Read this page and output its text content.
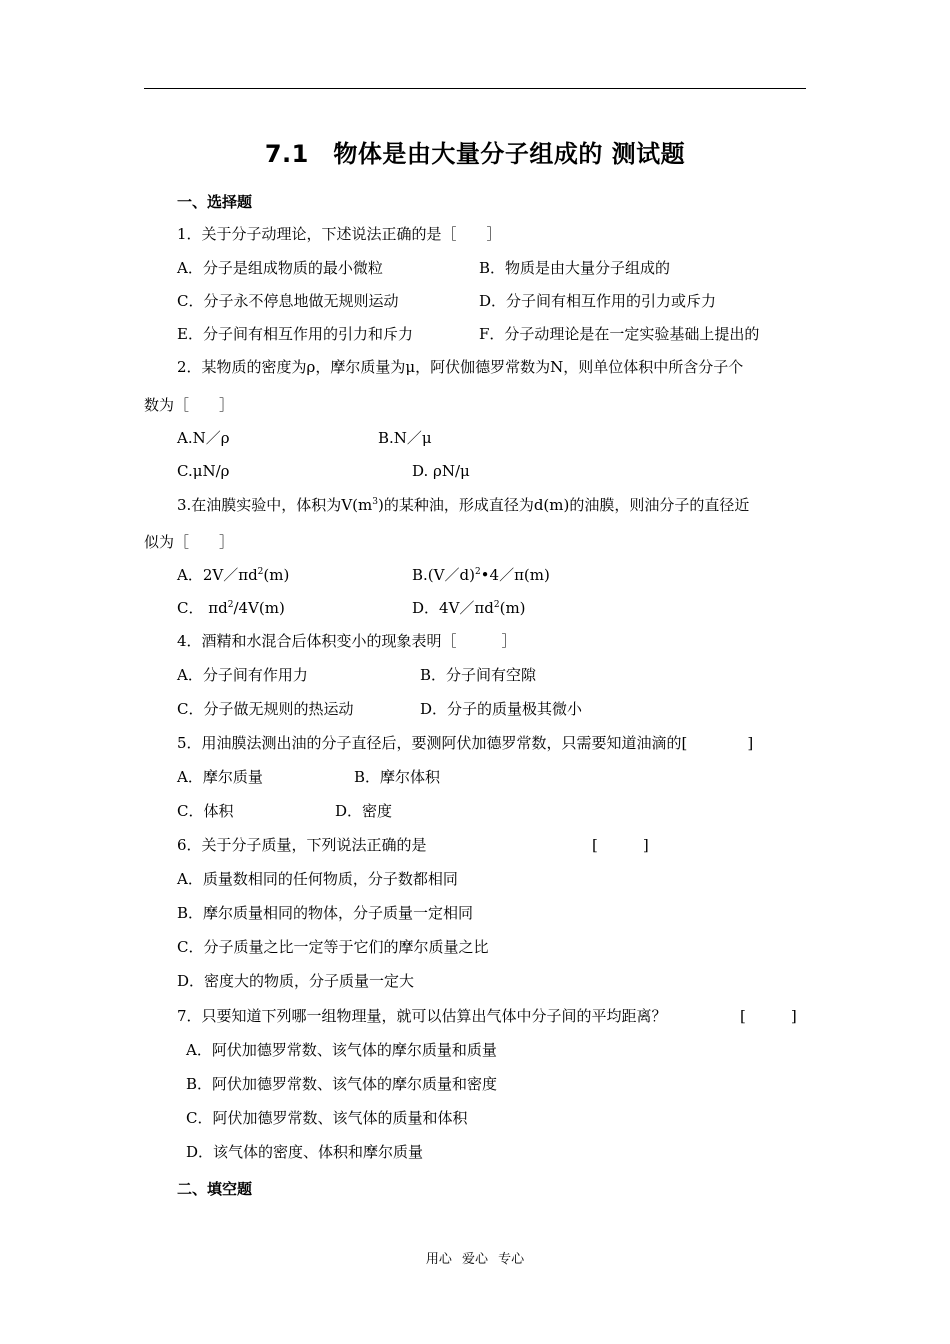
7.1　物体是由大量分子组成的 测试题
一、选择题
1．关于分子动理论，下述说法正确的是［　　］
A．分子是组成物质的最小微粒	B．物质是由大量分子组成的
C．分子永不停息地做无规则运动	D．分子间有相互作用的引力或斥力
E．分子间有相互作用的引力和斥力	F．分子动理论是在一定实验基础上提出的
2．某物质的密度为ρ，摩尔质量为μ，阿伏伽德罗常数为N，则单位体积中所含分子个
数为［　　］
A.N／ρ	B.N／μ
C.μN/ρ	D. ρN/μ
3.在油膜实验中，体积为$V(m^3)$的某种油，形成直径为d(m)的油膜，则油分子的直径近
似为［　　］
A．$2V/\pi d^2(m)$	B.(V／d)$^2$•4／π(m)
C． $\pi d^2/4V(m)$	D．$4V/\pi d^2(m)$
4．酒精和水混合后体积变小的现象表明［　　　］
A．分子间有作用力	B．分子间有空隙
C．分子做无规则的热运动	D．分子的质量极其微小
5．用油膜法测出油的分子直径后，要测阿伏加德罗常数，只需要知道油滴的[　　　　]
A．摩尔质量	B．摩尔体积
C．体积	D．密度
6．关于分子质量，下列说法正确的是	[　　　]
A．质量数相同的任何物质，分子数都相同
B．摩尔质量相同的物体，分子质量一定相同
C．分子质量之比一定等于它们的摩尔质量之比
D．密度大的物质，分子质量一定大
7．只要知道下列哪一组物理量，就可以估算出气体中分子间的平均距离？	[　　　]
A．阿伏加德罗常数、该气体的摩尔质量和质量
B．阿伏加德罗常数、该气体的摩尔质量和密度
C．阿伏加德罗常数、该气体的质量和体积
D．该气体的密度、体积和摩尔质量
二、填空题
用心 爱心 专心
